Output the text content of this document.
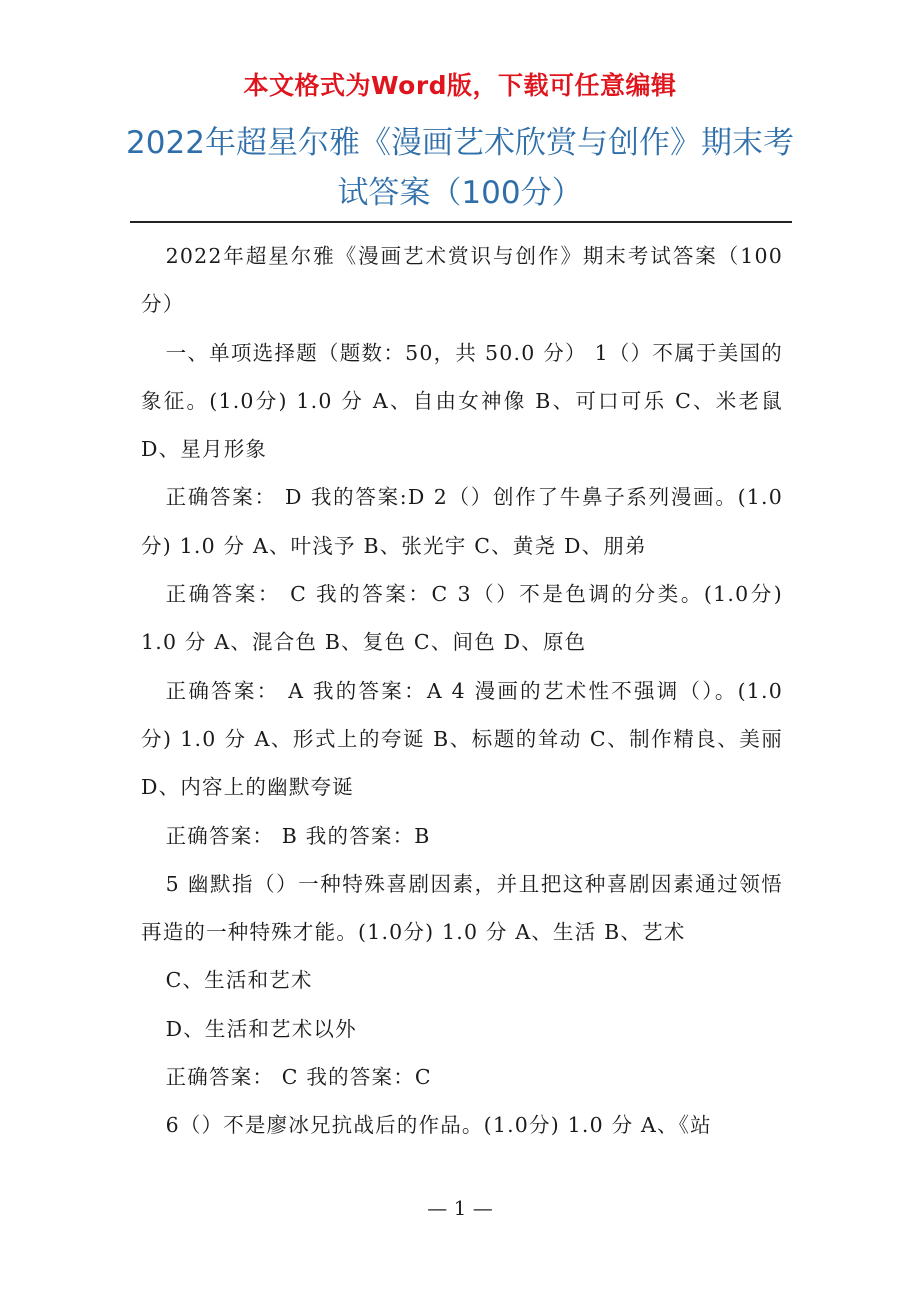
本文格式为Word版，下载可任意编辑
2022年超星尔雅《漫画艺术欣赏与创作》期末考试答案（100分）

2022年超星尔雅《漫画艺术赏识与创作》期末考试答案（100分）

一、单项选择题（题数：50，共 50.0 分） 1（）不属于美国的象征。(1.0分) 1.0 分 A、自由女神像 B、可口可乐 C、米老鼠 D、星月形象

正确答案： D 我的答案:D 2（）创作了牛鼻子系列漫画。(1.0分) 1.0 分 A、叶浅予 B、张光宇 C、黄尧 D、朋弟

正确答案： C 我的答案：C 3（）不是色调的分类。(1.0分) 1.0 分 A、混合色 B、复色 C、间色 D、原色

正确答案： A 我的答案：A 4 漫画的艺术性不强调（）。(1.0分) 1.0 分 A、形式上的夸诞 B、标题的耸动 C、制作精良、美丽 D、内容上的幽默夸诞

正确答案： B 我的答案：B

5 幽默指（）一种特殊喜剧因素，并且把这种喜剧因素通过领悟再造的一种特殊才能。(1.0分) 1.0 分 A、生活 B、艺术

C、生活和艺术

D、生活和艺术以外

正确答案： C 我的答案：C

6（）不是廖冰兄抗战后的作品。(1.0分) 1.0 分 A、《站

— 1 —
